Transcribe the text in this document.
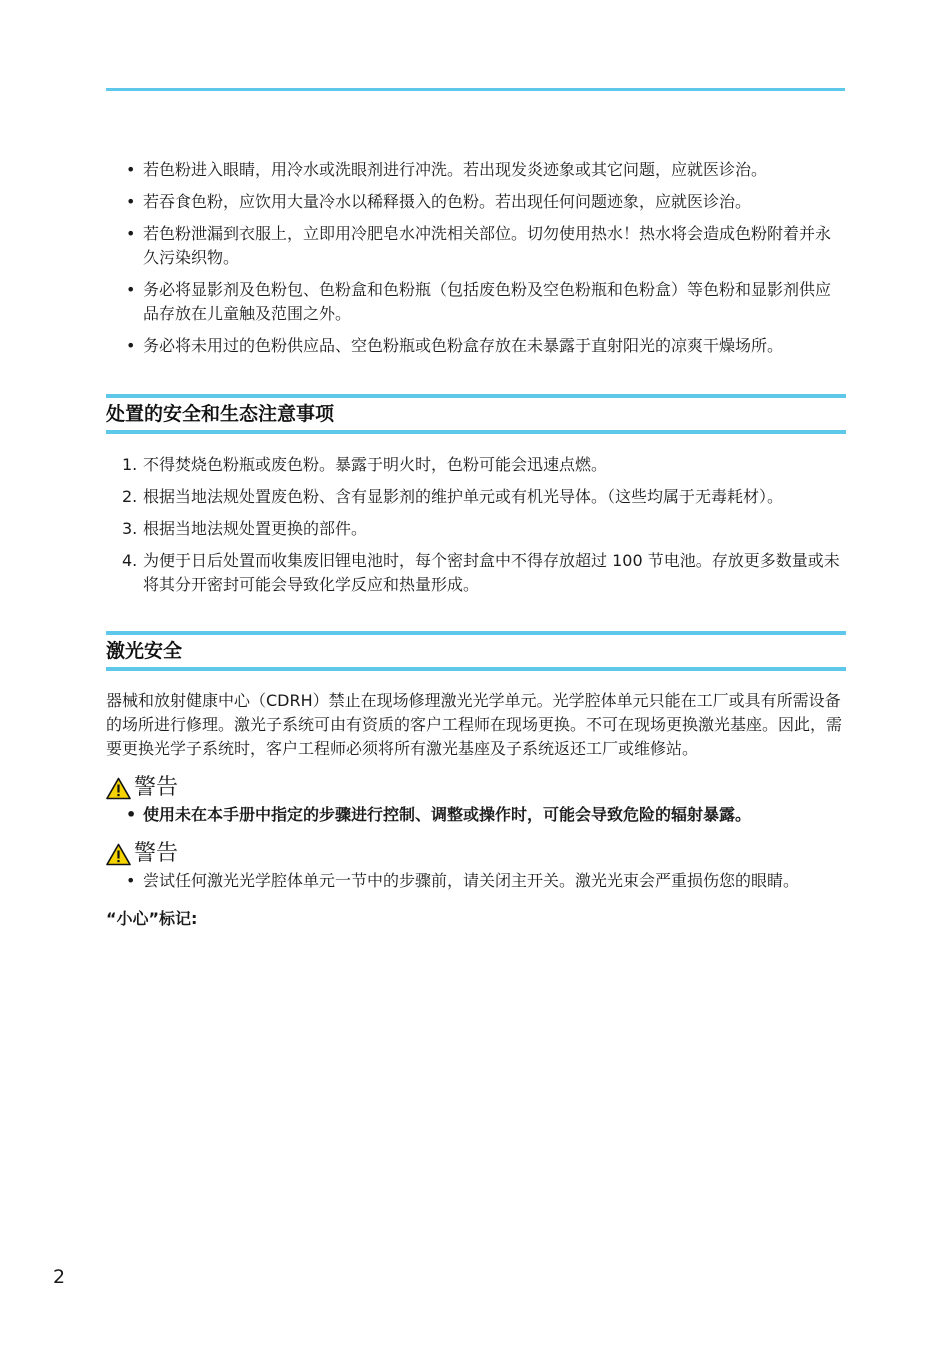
• 若色粉进入眼睛，用冷水或洗眼剂进行冲洗。若出现发炎迹象或其它问题，应就医诊治。
• 若吞食色粉，应饮用大量冷水以稀释摄入的色粉。若出现任何问题迹象，应就医诊治。
• 若色粉泄漏到衣服上，立即用冷肥皂水冲洗相关部位。切勿使用热水！热水将会造成色粉附着并永久污染织物。
• 务必将显影剂及色粉包、色粉盒和色粉瓶（包括废色粉及空色粉瓶和色粉盒）等色粉和显影剂供应品存放在儿童触及范围之外。
• 务必将未用过的色粉供应品、空色粉瓶或色粉盒存放在未暴露于直射阳光的凉爽干燥场所。
处置的安全和生态注意事项
1. 不得焚烧色粉瓶或废色粉。暴露于明火时，色粉可能会迅速点燃。
2. 根据当地法规处置废色粉、含有显影剂的维护单元或有机光导体。（这些均属于无毒耗材）。
3. 根据当地法规处置更换的部件。
4. 为便于日后处置而收集废旧锂电池时，每个密封盒中不得存放超过 100 节电池。存放更多数量或未将其分开密封可能会导致化学反应和热量形成。
激光安全
器械和放射健康中心（CDRH）禁止在现场修理激光光学单元。光学腔体单元只能在工厂或具有所需设备的场所进行修理。激光子系统可由有资质的客户工程师在现场更换。不可在现场更换激光基座。因此，需要更换光学子系统时，客户工程师必须将所有激光基座及子系统返还工厂或维修站。
警告
• 使用未在本手册中指定的步骤进行控制、调整或操作时，可能会导致危险的辐射暴露。
警告
• 尝试任何激光光学腔体单元一节中的步骤前，请关闭主开关。激光光束会严重损伤您的眼睛。
“小心”标记:
2
